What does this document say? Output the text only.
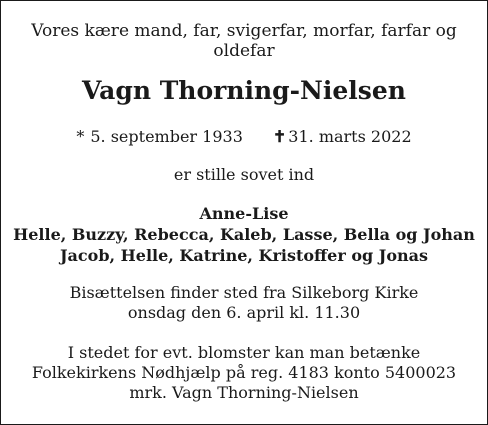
Vores kære mand, far, svigerfar, morfar, farfar og
oldefar
Vagn Thorning-Nielsen
* 5. september 1933 ✝ 31. marts 2022
er stille sovet ind
Anne-Lise
Helle, Buzzy, Rebecca, Kaleb, Lasse, Bella og Johan
Jacob, Helle, Katrine, Kristoffer og Jonas
Bisættelsen finder sted fra Silkeborg Kirke
onsdag den 6. april kl. 11.30
I stedet for evt. blomster kan man betænke
Folkekirkens Nødhjælp på reg. 4183 konto 5400023
mrk. Vagn Thorning-Nielsen
